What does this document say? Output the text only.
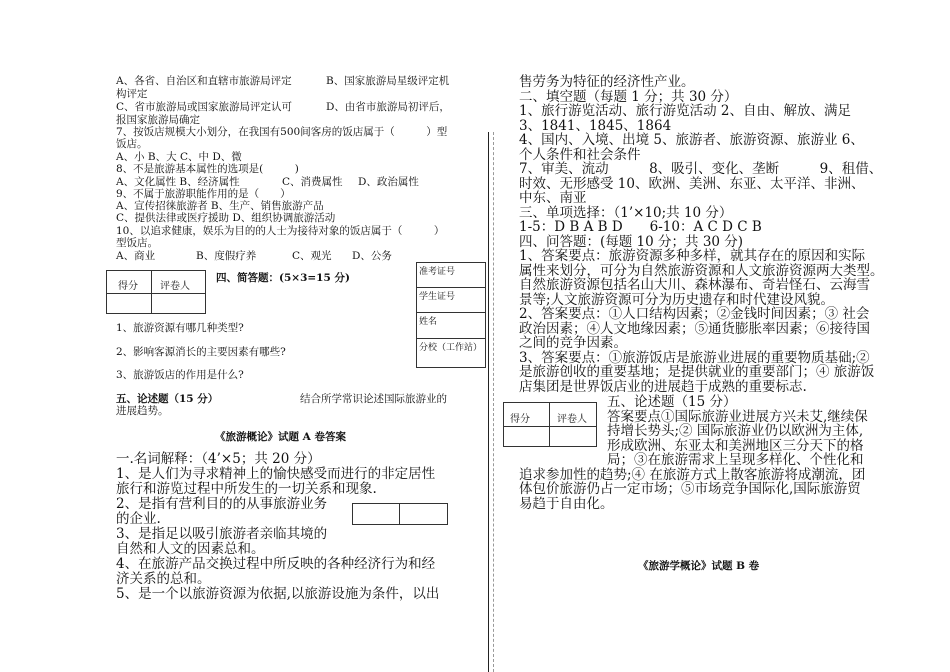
A、各省、自治区和直辖市旅游局评定	B、国家旅游局星级评定机
构评定
C、省市旅游局或国家旅游局评定认可	D、由省市旅游局初评后，
报国家旅游局确定
7、按饭店规模大小划分，在我国有500间客房的饭店属于（　　　）型
饭店。
A、小 B、大 C、中 D、微
8、不是旅游基本属性的选项是(　　　)
A、文化属性 B、经济属性	C、消费属性 D、政治属性
9、不属于旅游职能作用的是（　　）
A、宣传招徕旅游者 B、生产、销售旅游产品
C、提供法律或医疗援助 D、组织协调旅游活动
10、以追求健康，娱乐为目的的人士为接待对象的饭店属于（　　　）
型饭店。
A、商业	B、度假疗养	C、观光 D、公务
得分 评卷人
四、简答题：(5×3=15 分)	准考证号
学生证号
姓名
分校（工作站）
1、旅游资源有哪几种类型?
2、影响客源消长的主要因素有哪些?
3、旅游饭店的作用是什么?
五、论述题（15 分）	结合所学常识论述国际旅游业的
进展趋势。
《旅游概论》试题 A 卷答案
一.名词解释：（4’×5；共 20 分）
1、是人们为寻求精神上的愉快感受而进行的非定居性
旅行和游览过程中所发生的一切关系和现象.
2、是指有营利目的的从事旅游业务
的企业.
3、是指足以吸引旅游者亲临其境的
自然和人文的因素总和。
4、在旅游产品交换过程中所反映的各种经济行为和经
济关系的总和。
5、是一个以旅游资源为依据,以旅游设施为条件，以出
售劳务为特征的经济性产业。
二、填空题（每题 1 分；共 30 分）
1、旅行游览活动、旅行游览活动 2、自由、解放、满足
3、1841、1845、1864
4、国内、入境、出境 5、旅游者、旅游资源、旅游业 6、
个人条件和社会条件
7、审美、流动　　　8、吸引、变化、垄断　　　9、租借、
时效、无形感受 10、欧洲、美洲、东亚、太平洋、非洲、
中东、南亚
三、单项选择：（1’×10;共 10 分）
1-5：D B A B D　　6-10：A C D C B
四、问答题：(每题 10 分；共 30 分)
1、答案要点：旅游资源多种多样，就其存在的原因和实际
属性来划分，可分为自然旅游资源和人文旅游资源两大类型。
自然旅游资源包括名山大川、森林瀑布、奇岩怪石、云海雪
景等;人文旅游资源可分为历史遗存和时代建设风貌。
2、答案要点：①人口结构因素；②金钱时间因素；③ 社会
政治因素；④人文地缘因素；⑤通货膨胀率因素；⑥接待国
之间的竞争因素。
3、答案要点：①旅游饭店是旅游业进展的重要物质基础;②
是旅游创收的重要基地；是提供就业的重要部门；④ 旅游饭
店集团是世界饭店业的进展趋于成熟的重要标志.
五、论述题（15 分）
得分	评卷人 答案要点①国际旅游业进展方兴未艾,继续保
持增长势头;② 国际旅游业仍以欧洲为主体,
形成欧洲、东亚太和美洲地区三分天下的格
局；③在旅游需求上呈现多样化、个性化和
追求参加性的趋势;④ 在旅游方式上散客旅游将成潮流，团
体包价旅游仍占一定市场；⑤市场竞争国际化,国际旅游贸
易趋于自由化。
《旅游学概论》试题 B 卷
